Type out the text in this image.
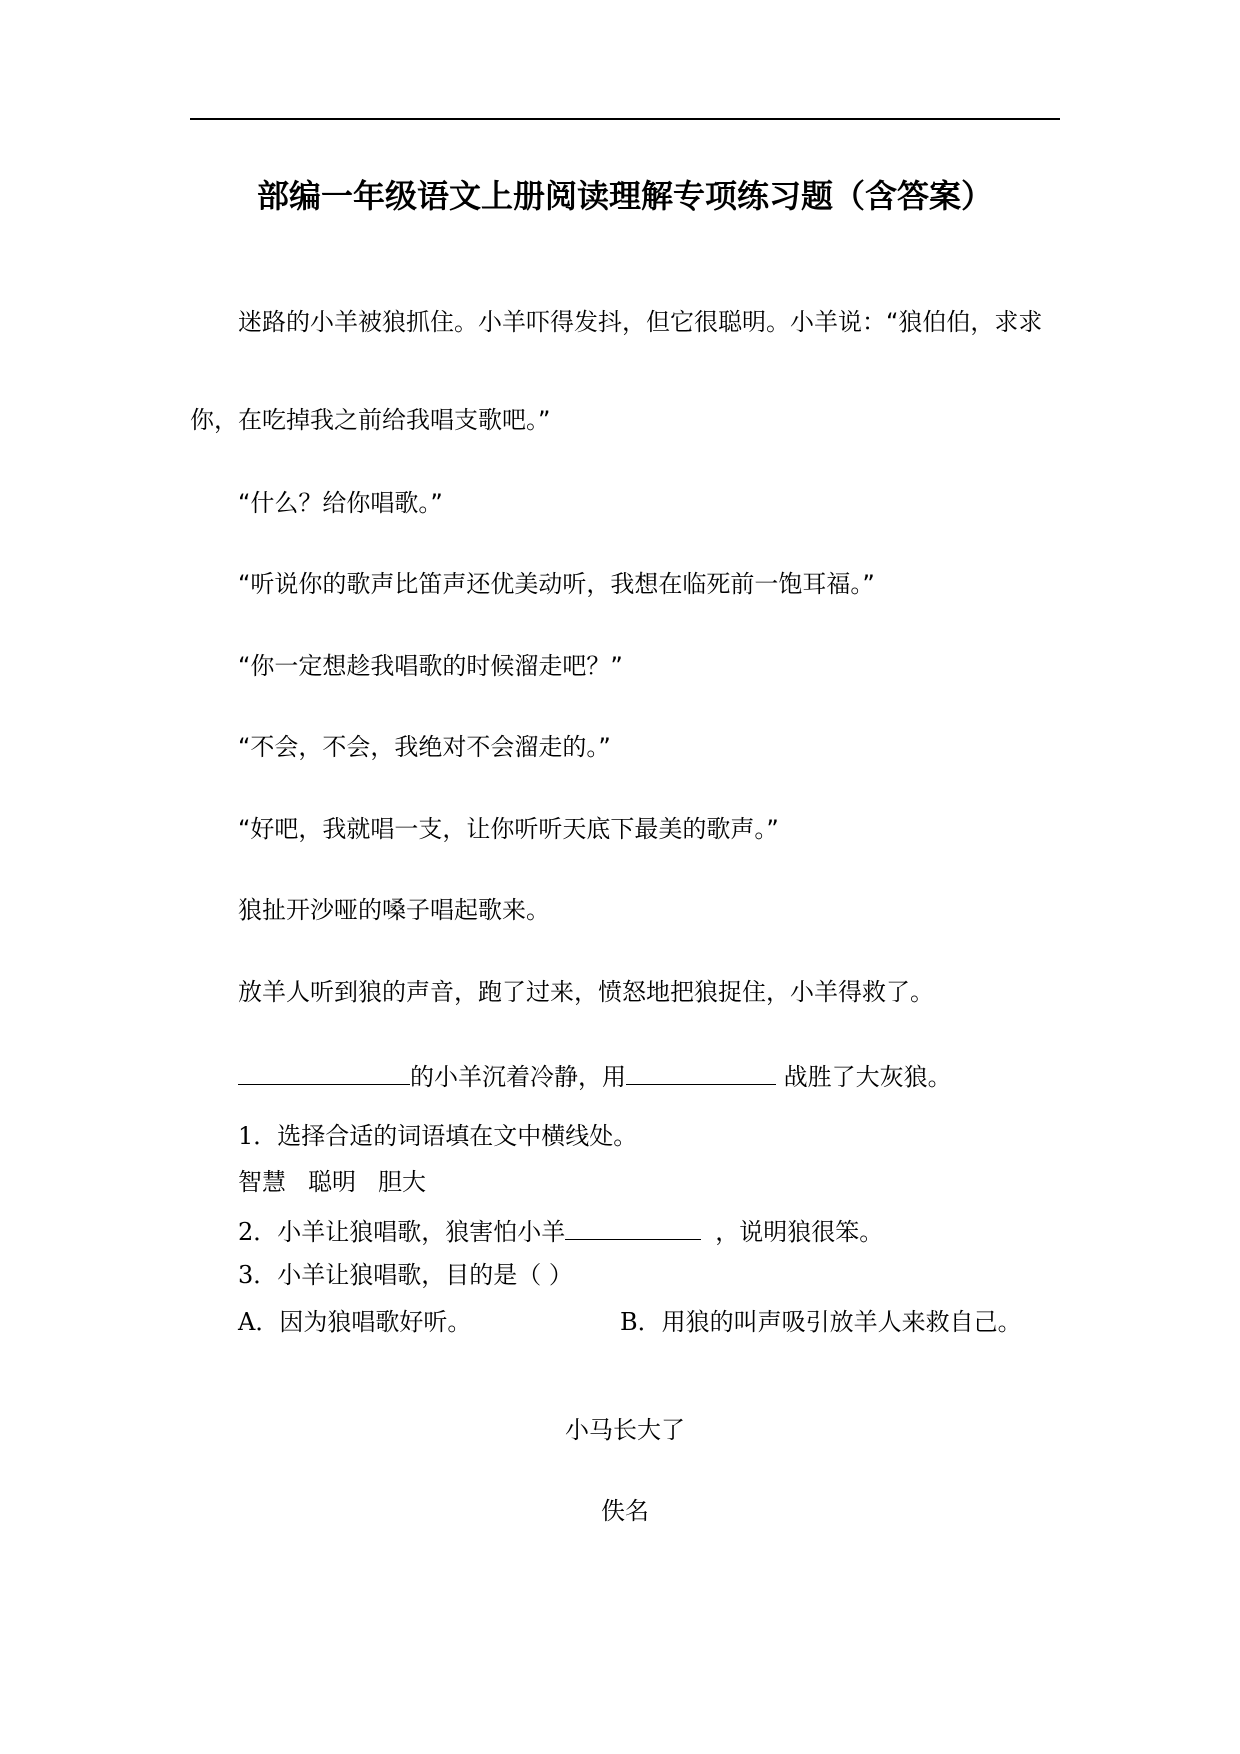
部编一年级语文上册阅读理解专项练习题（含答案）
迷路的小羊被狼抓住。小羊吓得发抖，但它很聪明。小羊说：“狼伯伯，求求
你，在吃掉我之前给我唱支歌吧。”
“什么？给你唱歌。”
“听说你的歌声比笛声还优美动听，我想在临死前一饱耳福。”
“你一定想趁我唱歌的时候溜走吧？”
“不会，不会，我绝对不会溜走的。”
“好吧，我就唱一支，让你听听天底下最美的歌声。”
狼扯开沙哑的嗓子唱起歌来。
放羊人听到狼的声音，跑了过来，愤怒地把狼捉住，小羊得救了。
的小羊沉着冷静，用	战胜了大灰狼。
1．选择合适的词语填在文中横线处。
智慧 聪明 胆大
2．小羊让狼唱歌，狼害怕小羊	，说明狼很笨。
3．小羊让狼唱歌，目的是（ ）
A．因为狼唱歌好听。	B．用狼的叫声吸引放羊人来救自己。
小马长大了
佚名
